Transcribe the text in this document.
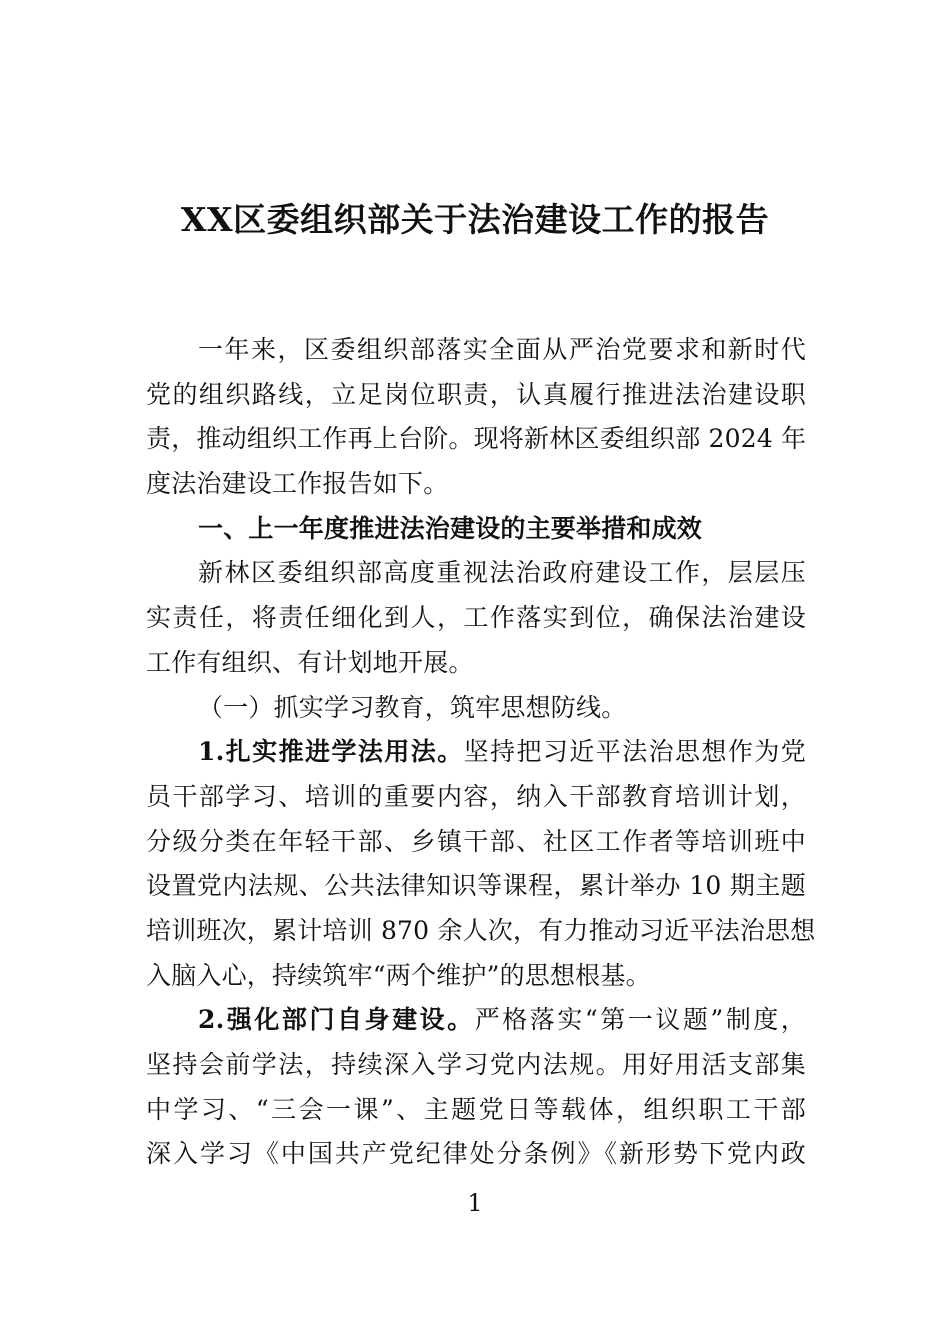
XX区委组织部关于法治建设工作的报告
一年来，区委组织部落实全面从严治党要求和新时代
党的组织路线，立足岗位职责，认真履行推进法治建设职
责，推动组织工作再上台阶。现将新林区委组织部 2024 年
度法治建设工作报告如下。
一、上一年度推进法治建设的主要举措和成效
新林区委组织部高度重视法治政府建设工作，层层压
实责任，将责任细化到人，工作落实到位，确保法治建设
工作有组织、有计划地开展。
（一）抓实学习教育，筑牢思想防线。
1.扎实推进学法用法。坚持把习近平法治思想作为党
员干部学习、培训的重要内容，纳入干部教育培训计划，
分级分类在年轻干部、乡镇干部、社区工作者等培训班中
设置党内法规、公共法律知识等课程，累计举办 10 期主题
培训班次，累计培训 870 余人次，有力推动习近平法治思想
入脑入心，持续筑牢“两个维护”的思想根基。
2.强化部门自身建设。严格落实“第一议题”制度，
坚持会前学法，持续深入学习党内法规。用好用活支部集
中学习、“三会一课”、主题党日等载体，组织职工干部
深入学习《中国共产党纪律处分条例》《新形势下党内政
1
